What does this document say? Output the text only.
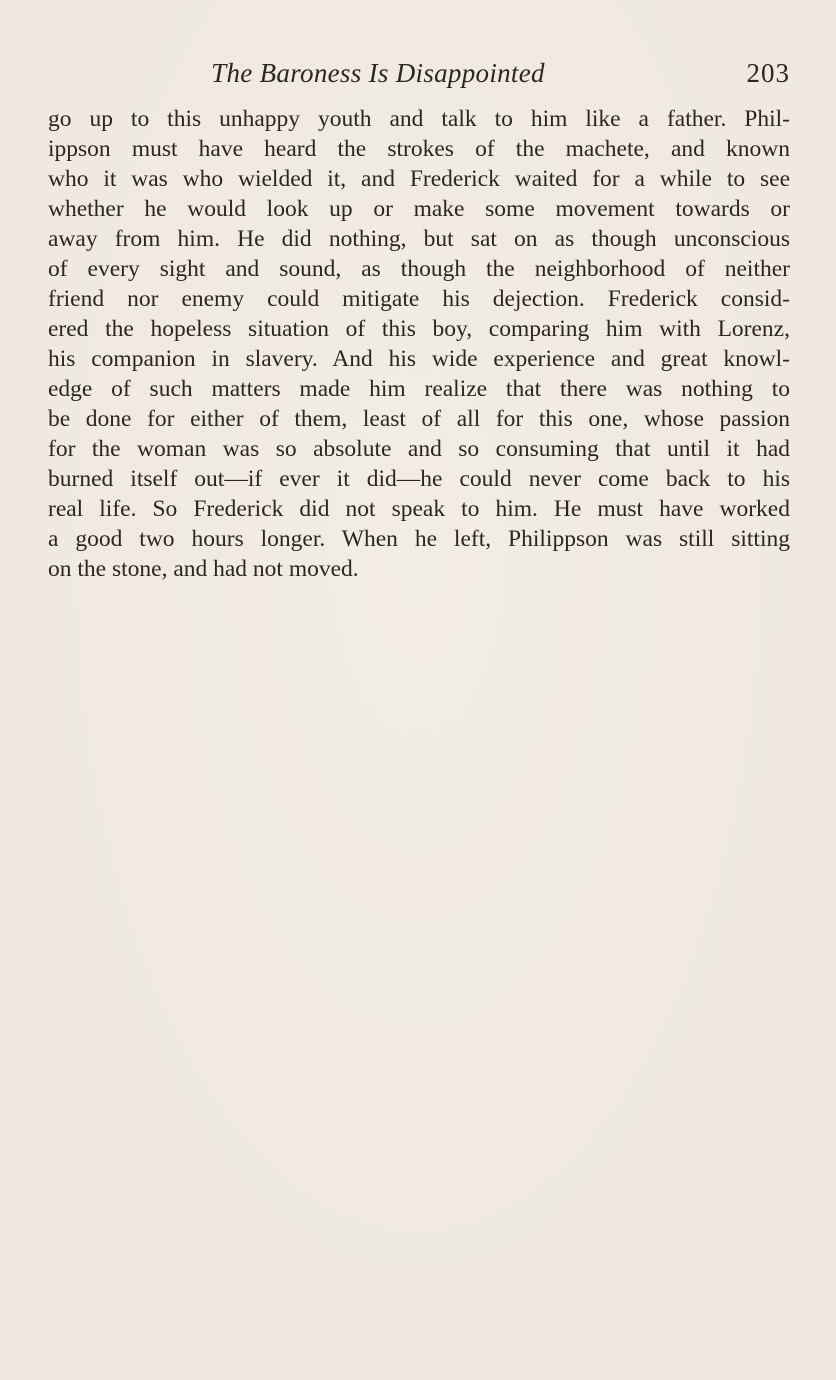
The Baroness Is Disappointed	203
go up to this unhappy youth and talk to him like a father. Phil-
ippson must have heard the strokes of the machete, and known
who it was who wielded it, and Frederick waited for a while to see
whether he would look up or make some movement towards or
away from him. He did nothing, but sat on as though unconscious
of every sight and sound, as though the neighborhood of neither
friend nor enemy could mitigate his dejection. Frederick consid-
ered the hopeless situation of this boy, comparing him with Lorenz,
his companion in slavery. And his wide experience and great knowl-
edge of such matters made him realize that there was nothing to
be done for either of them, least of all for this one, whose passion
for the woman was so absolute and so consuming that until it had
burned itself out—if ever it did—he could never come back to his
real life. So Frederick did not speak to him. He must have worked
a good two hours longer. When he left, Philippson was still sitting
on the stone, and had not moved.
